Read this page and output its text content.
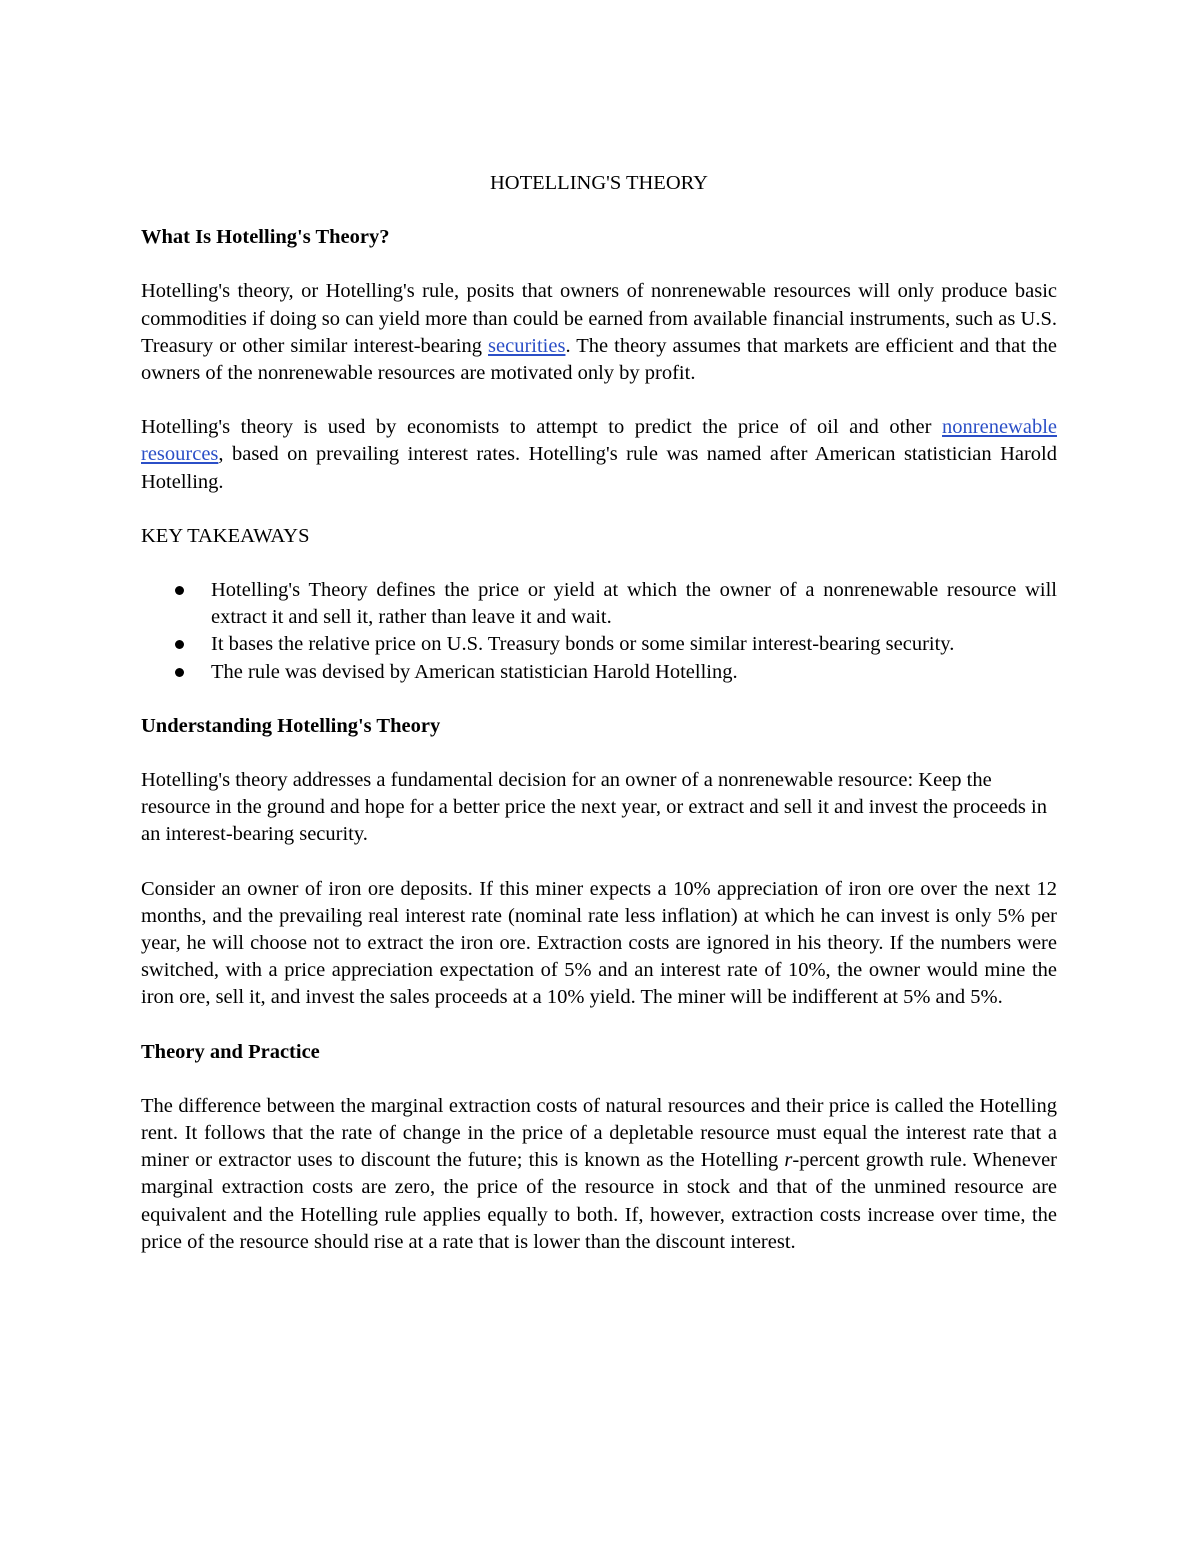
HOTELLING'S THEORY
What Is Hotelling's Theory?

Hotelling's theory, or Hotelling's rule, posits that owners of nonrenewable resources will only produce basic commodities if doing so can yield more than could be earned from available financial instruments, such as U.S. Treasury or other similar interest-bearing securities. The theory assumes that markets are efficient and that the owners of the nonrenewable resources are motivated only by profit.

Hotelling's theory is used by economists to attempt to predict the price of oil and other nonrenewable resources, based on prevailing interest rates. Hotelling's rule was named after American statistician Harold Hotelling.

KEY TAKEAWAYS
Hotelling's Theory defines the price or yield at which the owner of a nonrenewable resource will extract it and sell it, rather than leave it and wait.
It bases the relative price on U.S. Treasury bonds or some similar interest-bearing security.
The rule was devised by American statistician Harold Hotelling.
Understanding Hotelling's Theory

Hotelling's theory addresses a fundamental decision for an owner of a nonrenewable resource: Keep the resource in the ground and hope for a better price the next year, or extract and sell it and invest the proceeds in an interest-bearing security.

Consider an owner of iron ore deposits. If this miner expects a 10% appreciation of iron ore over the next 12 months, and the prevailing real interest rate (nominal rate less inflation) at which he can invest is only 5% per year, he will choose not to extract the iron ore. Extraction costs are ignored in his theory. If the numbers were switched, with a price appreciation expectation of 5% and an interest rate of 10%, the owner would mine the iron ore, sell it, and invest the sales proceeds at a 10% yield. The miner will be indifferent at 5% and 5%.

Theory and Practice

The difference between the marginal extraction costs of natural resources and their price is called the Hotelling rent. It follows that the rate of change in the price of a depletable resource must equal the interest rate that a miner or extractor uses to discount the future; this is known as the Hotelling r-percent growth rule. Whenever marginal extraction costs are zero, the price of the resource in stock and that of the unmined resource are equivalent and the Hotelling rule applies equally to both. If, however, extraction costs increase over time, the price of the resource should rise at a rate that is lower than the discount interest.
